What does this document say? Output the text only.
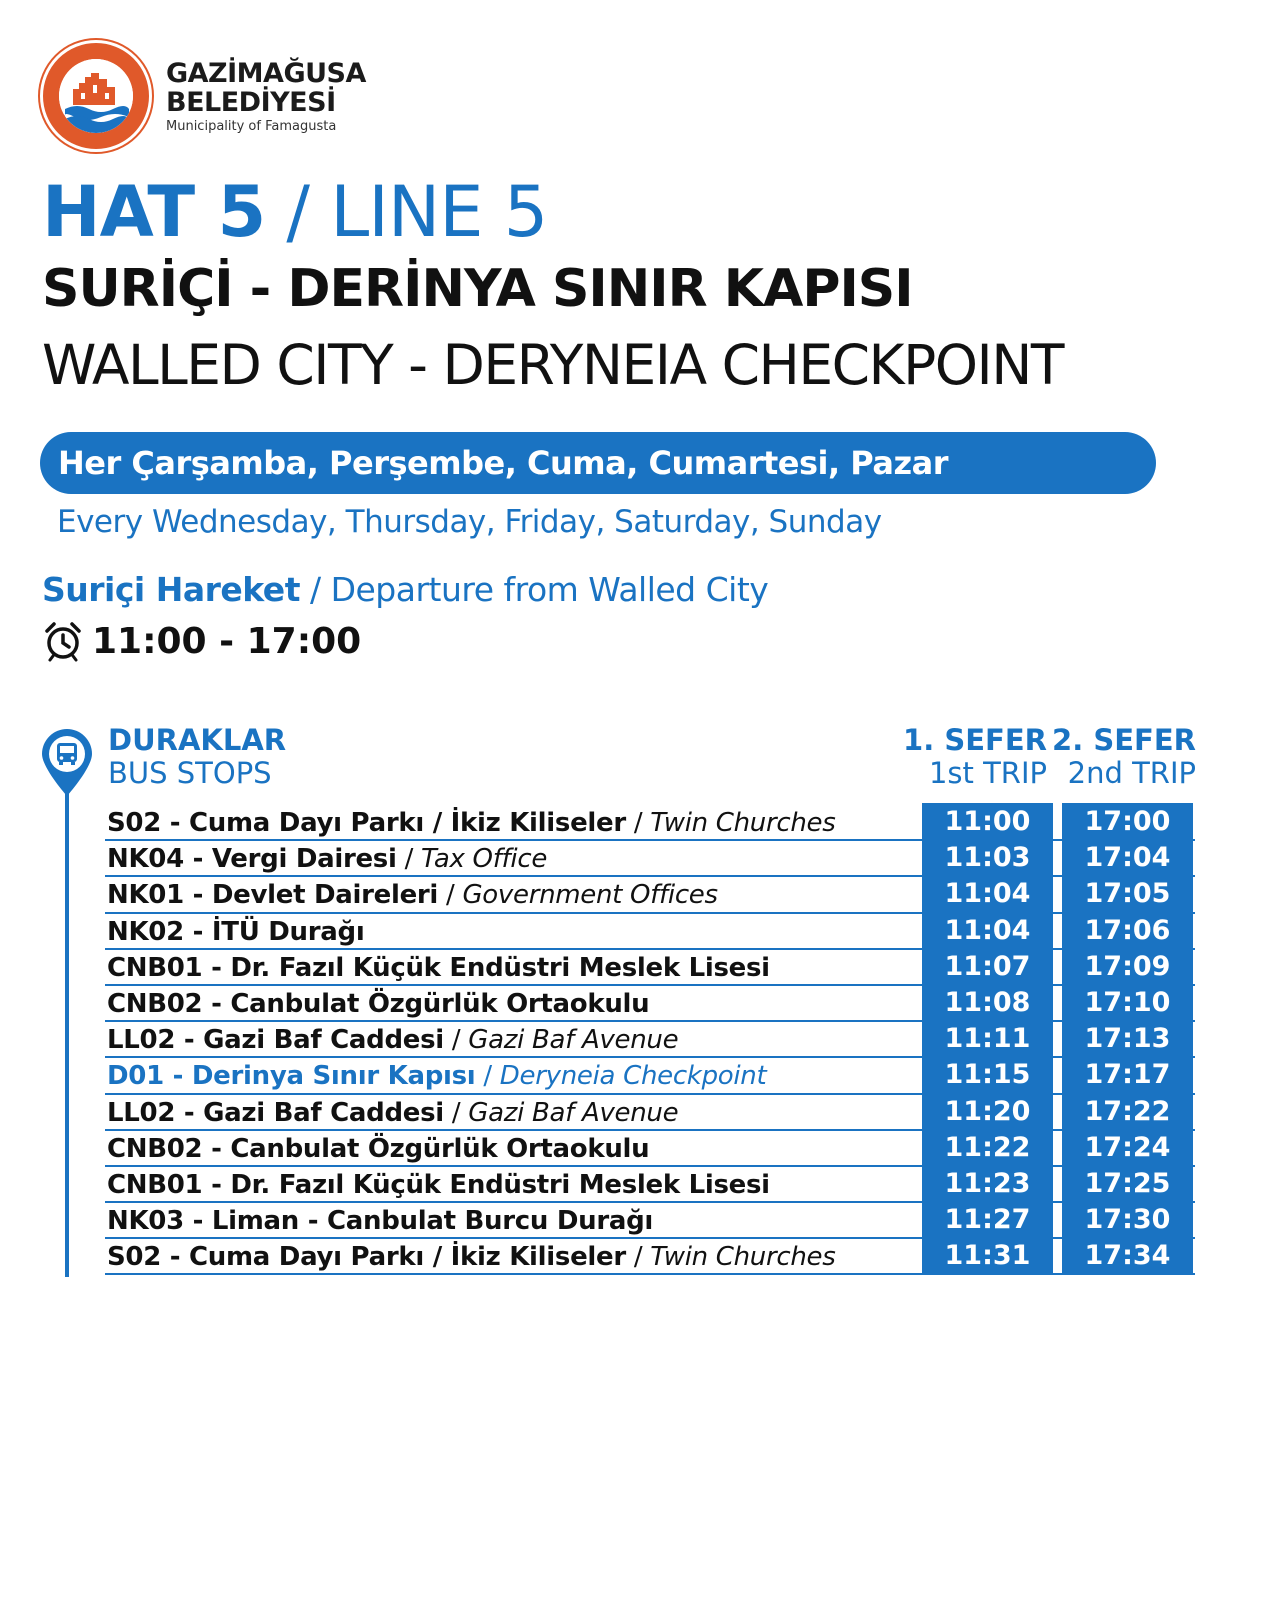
GAZİMAĞUSA
BELEDİYESİ
Municipality of Famagusta
HAT 5 / LINE 5
SURİÇİ - DERİNYA SINIR KAPISI
WALLED CITY - DERYNEIA CHECKPOINT
Her Çarşamba, Perşembe, Cuma, Cumartesi, Pazar
Every Wednesday, Thursday, Friday, Saturday, Sunday
Suriçi Hareket / Departure from Walled City
11:00 - 17:00
DURAKLAR
BUS STOPS
1. SEFER
1st TRIP
2. SEFER
2nd TRIP
S02 - Cuma Dayı Parkı / İkiz Kiliseler / Twin Churches	11:00	17:00
NK04 - Vergi Dairesi / Tax Office	11:03	17:04
NK01 - Devlet Daireleri / Government Offices	11:04	17:05
NK02 - İTÜ Durağı	11:04	17:06
CNB01 - Dr. Fazıl Küçük Endüstri Meslek Lisesi	11:07	17:09
CNB02 - Canbulat Özgürlük Ortaokulu	11:08	17:10
LL02 - Gazi Baf Caddesi / Gazi Baf Avenue	11:11	17:13
D01 - Derinya Sınır Kapısı / Deryneia Checkpoint	11:15	17:17
LL02 - Gazi Baf Caddesi / Gazi Baf Avenue	11:20	17:22
CNB02 - Canbulat Özgürlük Ortaokulu	11:22	17:24
CNB01 - Dr. Fazıl Küçük Endüstri Meslek Lisesi	11:23	17:25
NK03 - Liman - Canbulat Burcu Durağı	11:27	17:30
S02 - Cuma Dayı Parkı / İkiz Kiliseler / Twin Churches	11:31	17:34
